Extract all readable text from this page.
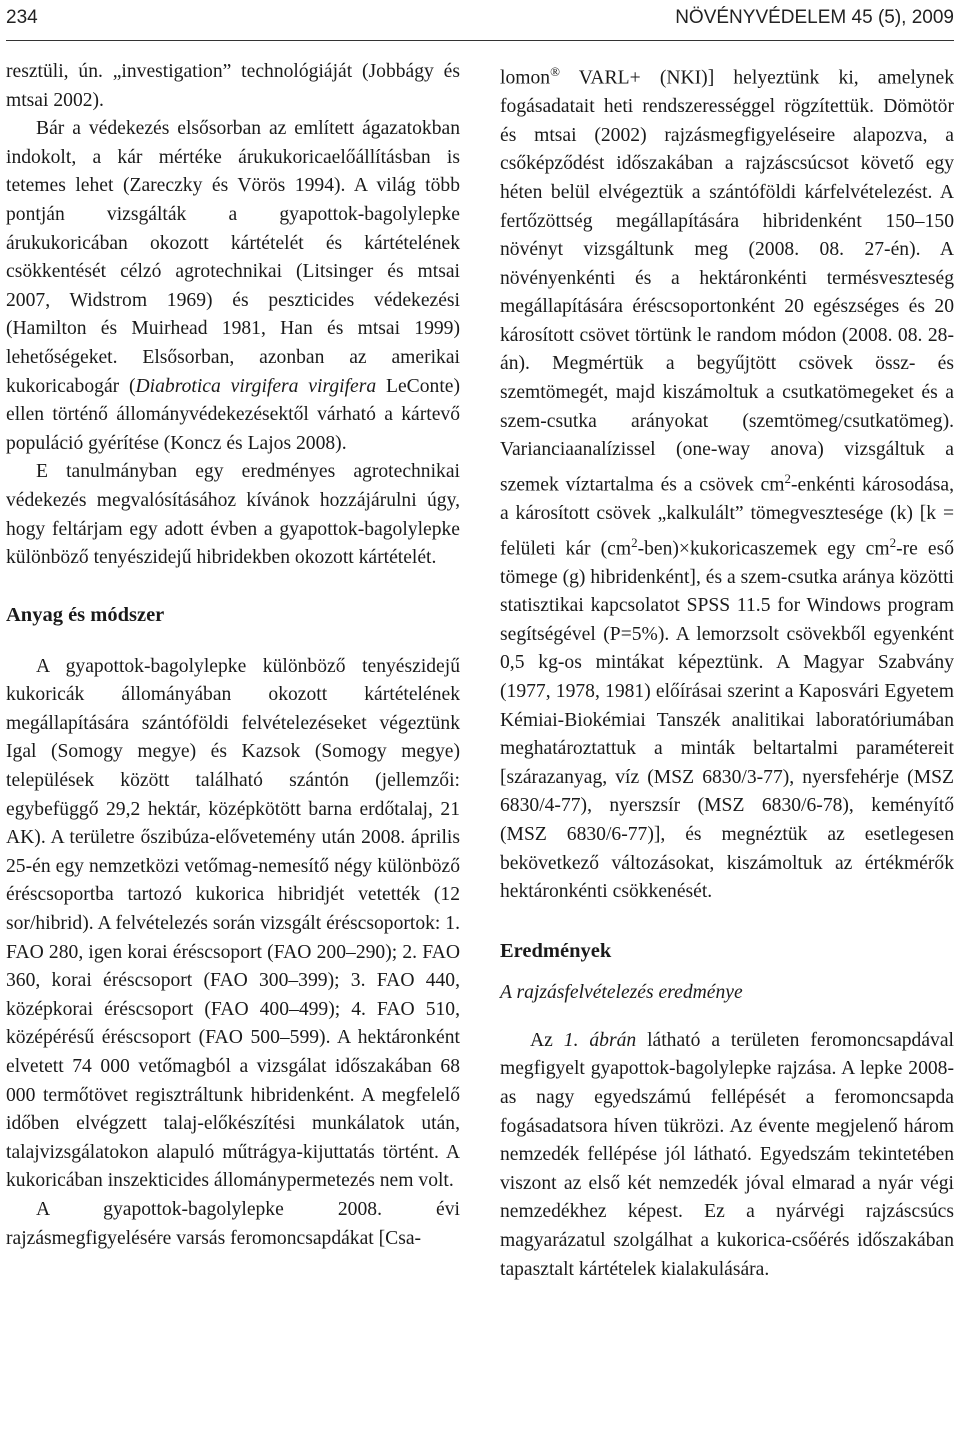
234	NÖVÉNYVÉDELEM 45 (5), 2009

resztüli, ún. „investigation” technológiáját (Jobbágy és mtsai 2002).

Bár a védekezés elsősorban az említett ágazatokban indokolt, a kár mértéke árukukoricaelőállításban is tetemes lehet (Zareczky és Vörös 1994). A világ több pontján vizsgálták a gyapottok-bagolylepke árukukoricában okozott kártételét és kártételének csökkentését célzó agrotechnikai (Litsinger és mtsai 2007, Widstrom 1969) és peszticides védekezési (Hamilton és Muirhead 1981, Han és mtsai 1999) lehetőségeket. Elsősorban, azonban az amerikai kukoricabogár (Diabrotica virgifera virgifera LeConte) ellen történő állományvédekezésektől várható a kártevő populáció gyérítése (Koncz és Lajos 2008).

E tanulmányban egy eredményes agrotechnikai védekezés megvalósításához kívánok hozzájárulni úgy, hogy feltárjam egy adott évben a gyapottok-bagolylepke különböző tenyészidejű hibridekben okozott kártételét.

Anyag és módszer

A gyapottok-bagolylepke különböző tenyészidejű kukoricák állományában okozott kártételének megállapítására szántóföldi felvételezéseket végeztünk Igal (Somogy megye) és Kazsok (Somogy megye) települések között található szántón (jellemzői: egybefüggő 29,2 hektár, középkötött barna erdőtalaj, 21 AK). A területre őszibúza-elővetemény után 2008. április 25-én egy nemzetközi vetőmag-nemesítő négy különböző éréscsoportba tartozó kukorica hibridjét vetették (12 sor/hibrid). A felvételezés során vizsgált éréscsoportok: 1. FAO 280, igen korai éréscsoport (FAO 200–290); 2. FAO 360, korai éréscsoport (FAO 300–399); 3. FAO 440, középkorai éréscsoport (FAO 400–499); 4. FAO 510, középérésű éréscsoport (FAO 500–599). A hektáronként elvetett 74 000 vetőmagból a vizsgálat időszakában 68 000 termőtövet regisztráltunk hibridenként. A megfelelő időben elvégzett talaj-előkészítési munkálatok után, talajvizsgálatokon alapuló műtrágya-kijuttatás történt. A kukoricában inszekticides állománypermetezés nem volt.

A gyapottok-bagolylepke 2008. évi rajzásmegfigyelésére varsás feromoncsapdákat [Csa-

lomon® VARL+ (NKI)] helyeztünk ki, amelynek fogásadatait heti rendszerességgel rögzítettük. Dömötör és mtsai (2002) rajzásmegfigyeléseire alapozva, a csőképződést időszakában a rajzáscsúcsot követő egy héten belül elvégeztük a szántóföldi kárfelvételezést. A fertőzöttség megállapítására hibridenként 150–150 növényt vizsgáltunk meg (2008. 08. 27-én). A növényenkénti és a hektáronkénti termésveszteség megállapítására éréscsoportonként 20 egészséges és 20 károsított csövet törtünk le random módon (2008. 08. 28-án). Megmértük a begyűjtött csövek össz- és szemtömegét, majd kiszámoltuk a csutkatömegeket és a szem-csutka arányokat (szemtömeg/csutkatömeg). Varianciaanalízissel (one-way anova) vizsgáltuk a szemek víztartalma és a csövek $cm^2$-enkénti károsodása, a károsított csövek „kalkulált” tömegvesztesége (k) [k = felületi kár $(cm^2-ben)\times kukoricaszemek$ egy $cm^2-re$ eső tömege (g) hibridenként], és a szem-csutka aránya közötti statisztikai kapcsolatot SPSS 11.5 for Windows program segítségével (P=5%). A lemorzsolt csövekből egyenként 0,5 kg-os mintákat képeztünk. A Magyar Szabvány (1977, 1978, 1981) előírásai szerint a Kaposvári Egyetem Kémiai-Biokémiai Tanszék analitikai laboratóriumában meghatároztattuk a minták beltartalmi paramétereit [szárazanyag, víz (MSZ 6830/3-77), nyersfehérje (MSZ 6830/4-77), nyerszsír (MSZ 6830/6-78), keményítő (MSZ 6830/6-77)], és megnéztük az esetlegesen bekövetkező változásokat, kiszámoltuk az értékmérők hektáronkénti csökkenését.

Eredmények
A rajzásfelvételezés eredménye

Az 1. ábrán látható a területen feromoncsapdával megfigyelt gyapottok-bagolylepke rajzása. A lepke 2008-as nagy egyedszámú fellépését a feromoncsapda fogásadatsora híven tükrözi. Az évente megjelenő három nemzedék fellépése jól látható. Egyedszám tekintetében viszont az első két nemzedék jóval elmarad a nyár végi nemzedékhez képest. Ez a nyárvégi rajzáscsúcs magyarázatul szolgálhat a kukorica-csőérés időszakában tapasztalt kártételek kialakulására.
